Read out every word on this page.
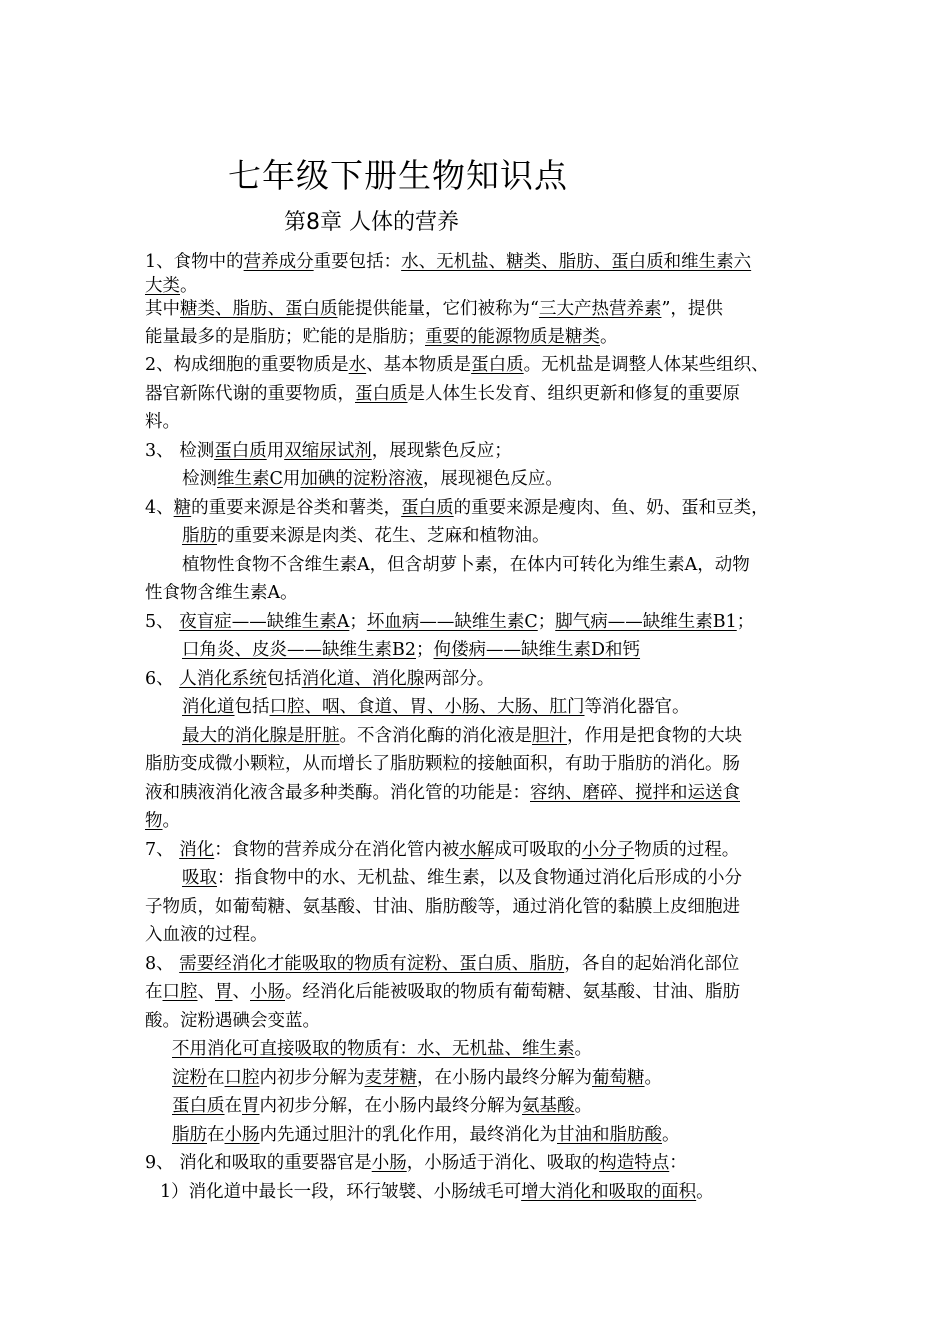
七年级下册生物知识点
第8章 人体的营养
1、食物中的营养成分重要包括：水、无机盐、糖类、脂肪、蛋白质和维生素六
大类。
其中糖类、脂肪、蛋白质能提供能量，它们被称为“三大产热营养素”，提供
能量最多的是脂肪；贮能的是脂肪；重要的能源物质是糖类。
2、构成细胞的重要物质是水、基本物质是蛋白质。无机盐是调整人体某些组织、
器官新陈代谢的重要物质，蛋白质是人体生长发育、组织更新和修复的重要原
料。
3、 检测蛋白质用双缩尿试剂，展现紫色反应；
检测维生素C用加碘的淀粉溶液，展现褪色反应。
4、糖的重要来源是谷类和薯类，蛋白质的重要来源是瘦肉、鱼、奶、蛋和豆类，
脂肪的重要来源是肉类、花生、芝麻和植物油。
植物性食物不含维生素A，但含胡萝卜素，在体内可转化为维生素A，动物
性食物含维生素A。
5、 夜盲症——缺维生素A；坏血病——缺维生素C；脚气病——缺维生素B1；
口角炎、皮炎——缺维生素B2；佝偻病——缺维生素D和钙
6、 人消化系统包括消化道、消化腺两部分。
消化道包括口腔、咽、食道、胃、小肠、大肠、肛门等消化器官。
最大的消化腺是肝脏。不含消化酶的消化液是胆汁，作用是把食物的大块
脂肪变成微小颗粒，从而增长了脂肪颗粒的接触面积，有助于脂肪的消化。肠
液和胰液消化液含最多种类酶。消化管的功能是：容纳、磨碎、搅拌和运送食
物。
7、 消化：食物的营养成分在消化管内被水解成可吸取的小分子物质的过程。
吸取：指食物中的水、无机盐、维生素，以及食物通过消化后形成的小分
子物质，如葡萄糖、氨基酸、甘油、脂肪酸等，通过消化管的黏膜上皮细胞进
入血液的过程。
8、 需要经消化才能吸取的物质有淀粉、蛋白质、脂肪，各自的起始消化部位
在口腔、胃、小肠。经消化后能被吸取的物质有葡萄糖、氨基酸、甘油、脂肪
酸。淀粉遇碘会变蓝。
不用消化可直接吸取的物质有：水、无机盐、维生素。
淀粉在口腔内初步分解为麦芽糖，在小肠内最终分解为葡萄糖。
蛋白质在胃内初步分解，在小肠内最终分解为氨基酸。
脂肪在小肠内先通过胆汁的乳化作用，最终消化为甘油和脂肪酸。
9、 消化和吸取的重要器官是小肠，小肠适于消化、吸取的构造特点：
1）消化道中最长一段，环行皱襞、小肠绒毛可增大消化和吸取的面积。
